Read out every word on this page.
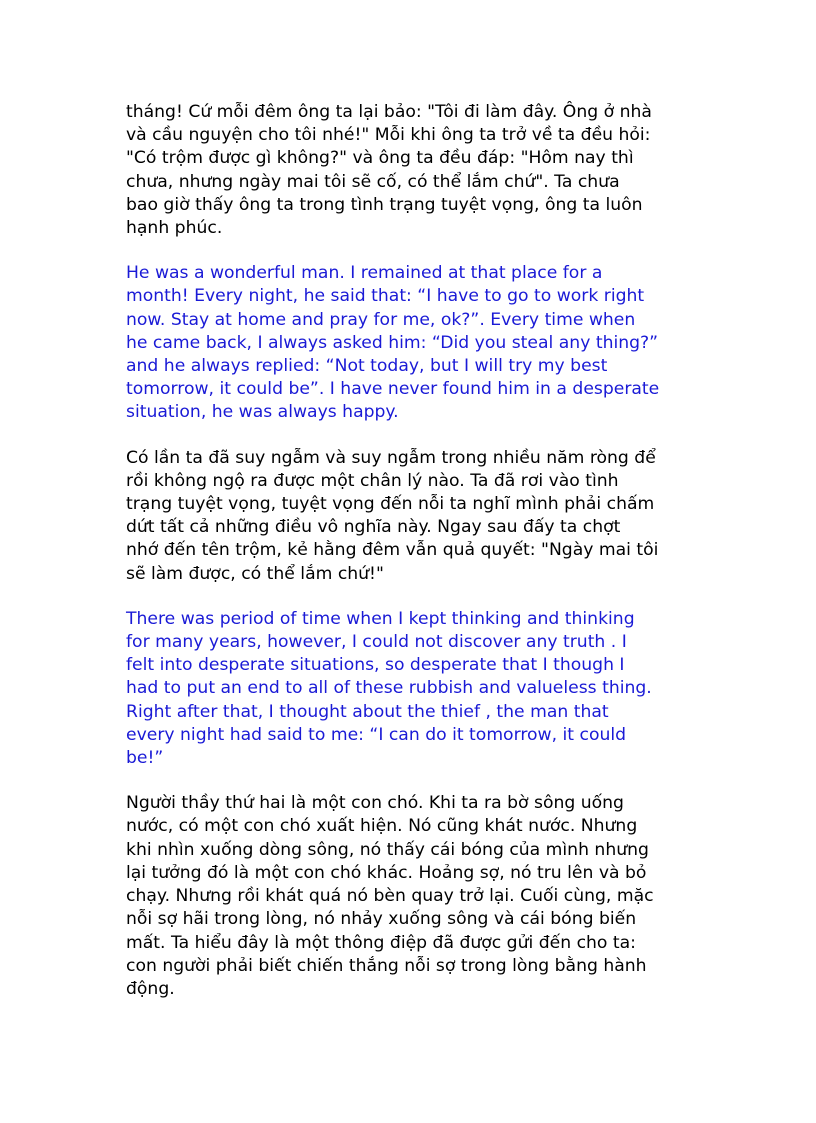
tháng! Cứ mỗi đêm ông ta lại bảo: "Tôi đi làm đây. Ông ở nhà
và cầu nguyện cho tôi nhé!" Mỗi khi ông ta trở về ta đều hỏi:
"Có trộm được gì không?" và ông ta đều đáp: "Hôm nay thì
chưa, nhưng ngày mai tôi sẽ cố, có thể lắm chứ". Ta chưa
bao giờ thấy ông ta trong tình trạng tuyệt vọng, ông ta luôn
hạnh phúc.
He was a wonderful man. I remained at that place for a
month! Every night, he said that: “I have to go to work right
now. Stay at home and pray for me, ok?”. Every time when
he came back, I always asked him: “Did you steal any thing?”
and he always replied: “Not today, but I will try my best
tomorrow, it could be”. I have never found him in a desperate
situation, he was always happy.
Có lần ta đã suy ngẫm và suy ngẫm trong nhiều năm ròng để
rồi không ngộ ra được một chân lý nào. Ta đã rơi vào tình
trạng tuyệt vọng, tuyệt vọng đến nỗi ta nghĩ mình phải chấm
dứt tất cả những điều vô nghĩa này. Ngay sau đấy ta chợt
nhớ đến tên trộm, kẻ hằng đêm vẫn quả quyết: "Ngày mai tôi
sẽ làm được, có thể lắm chứ!"
There was period of time when I kept thinking and thinking
for many years, however, I could not discover any truth . I
felt into desperate situations, so desperate that I though I
had to put an end to all of these rubbish and valueless thing.
Right after that, I thought about the thief , the man that
every night had said to me: “I can do it tomorrow, it could
be!”
Người thầy thứ hai là một con chó. Khi ta ra bờ sông uống
nước, có một con chó xuất hiện. Nó cũng khát nước. Nhưng
khi nhìn xuống dòng sông, nó thấy cái bóng của mình nhưng
lại tưởng đó là một con chó khác. Hoảng sợ, nó tru lên và bỏ
chạy. Nhưng rồi khát quá nó bèn quay trở lại. Cuối cùng, mặc
nỗi sợ hãi trong lòng, nó nhảy xuống sông và cái bóng biến
mất. Ta hiểu đây là một thông điệp đã được gửi đến cho ta:
con người phải biết chiến thắng nỗi sợ trong lòng bằng hành
động.
